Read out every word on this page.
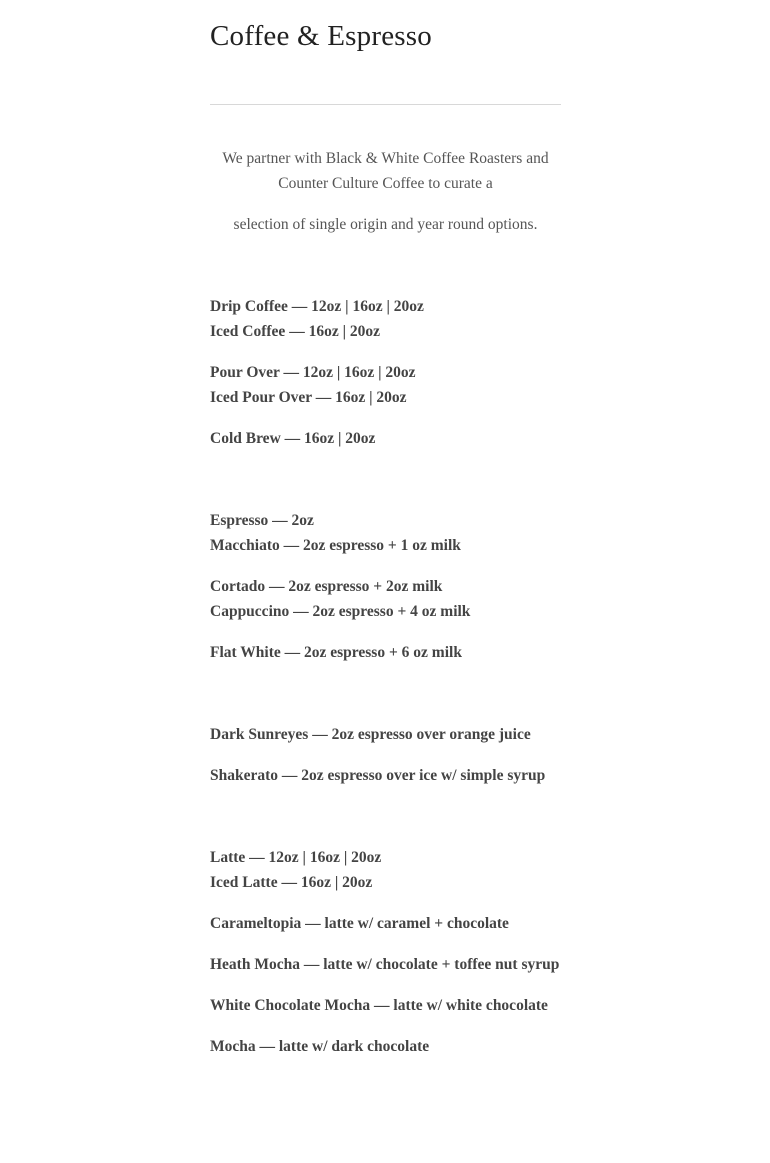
Coffee & Espresso

We partner with Black & White Coffee Roasters and Counter Culture Coffee to curate a

selection of single origin and year round options.

Drip Coffee — 12oz | 16oz | 20oz
Iced Coffee — 16oz | 20oz

Pour Over — 12oz | 16oz | 20oz
Iced Pour Over — 16oz | 20oz

Cold Brew — 16oz | 20oz

Espresso — 2oz
Macchiato — 2oz espresso + 1 oz milk

Cortado — 2oz espresso + 2oz milk
Cappuccino — 2oz espresso + 4 oz milk

Flat White — 2oz espresso + 6 oz milk

Dark Sunreyes — 2oz espresso over orange juice

Shakerato — 2oz espresso over ice w/ simple syrup

Latte — 12oz | 16oz | 20oz
Iced Latte — 16oz | 20oz

Carameltopia — latte w/ caramel + chocolate

Heath Mocha — latte w/ chocolate + toffee nut syrup

White Chocolate Mocha — latte w/ white chocolate

Mocha — latte w/ dark chocolate
